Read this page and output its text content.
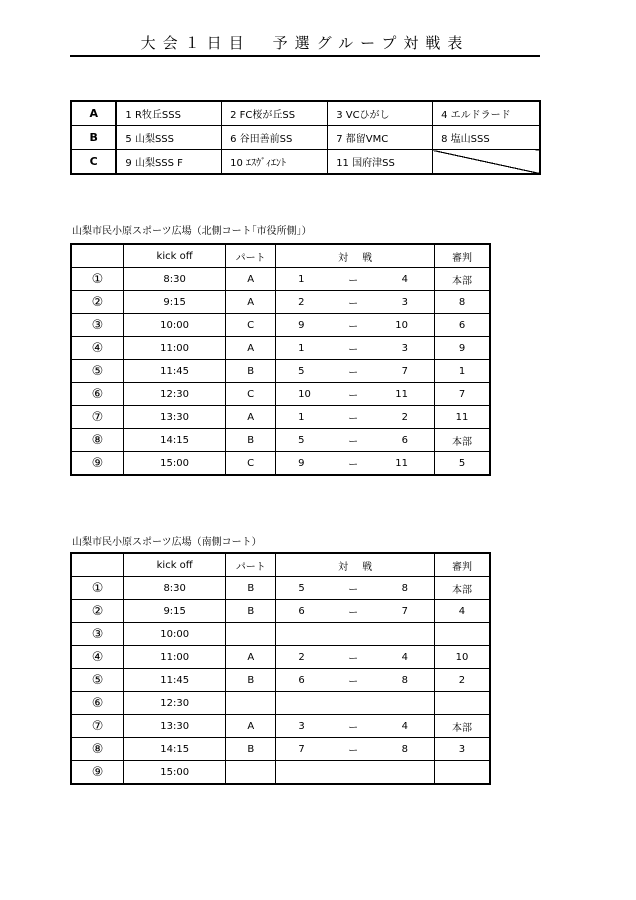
大会１日目　予選グループ対戦表
A	1 R牧丘SSS	2 FC桜が丘SS	3 VCひがし	4 エルドラード
B	5 山梨SSS	6 谷田善前SS	7 都留VMC	8 塩山SSS
C	9 山梨SSS F	10 ｴｽｳﾞｨｴﾝﾄ	11 国府津SS	
山梨市民小原スポーツ広場（北側コート｢市役所側｣）
	kick off	パート	対戦	審判
①	8:30	A	1 ー 4	本部
②	9:15	A	2 ー 3	8
③	10:00	C	9 ー 10	6
④	11:00	A	1 ー 3	9
⑤	11:45	B	5 ー 7	1
⑥	12:30	C	10 ー 11	7
⑦	13:30	A	1 ー 2	11
⑧	14:15	B	5 ー 6	本部
⑨	15:00	C	9 ー 11	5
山梨市民小原スポーツ広場（南側コート）
	kick off	パート	対戦	審判
①	8:30	B	5 ー 8	本部
②	9:15	B	6 ー 7	4
③	10:00		

④	11:00	A	2 ー 4	10
⑤	11:45	B	6 ー 8	2
⑥	12:30		

⑦	13:30	A	3 ー 4	本部
⑧	14:15	B	7 ー 8	3
⑨	15:00		
